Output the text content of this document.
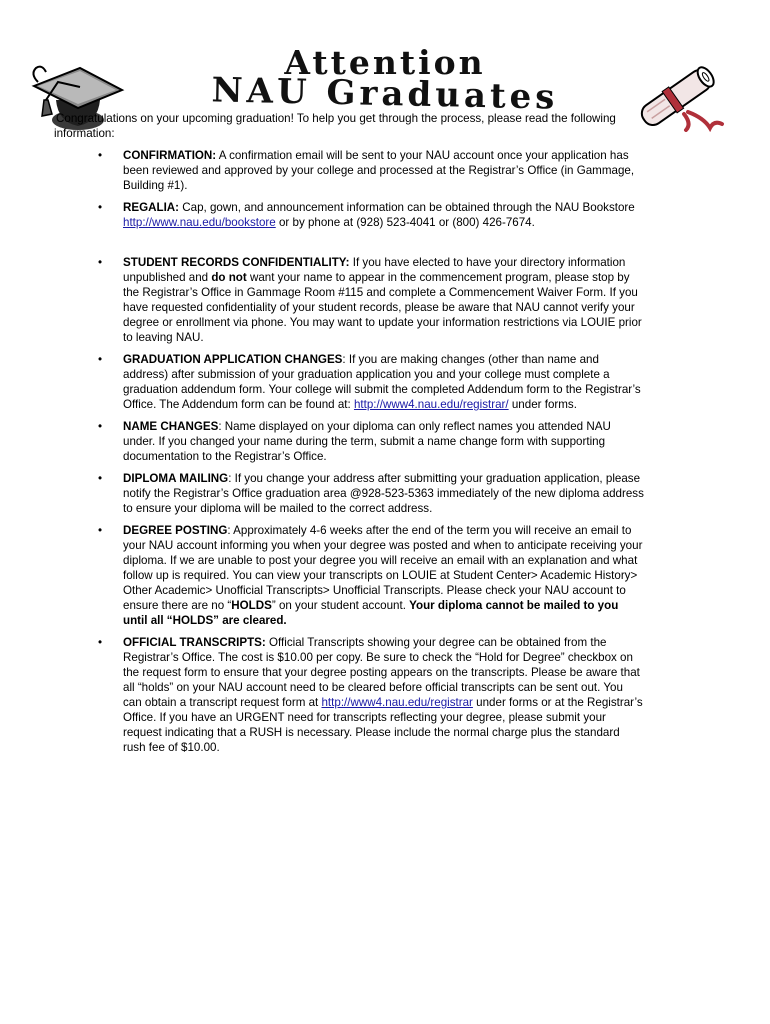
Attention
NAU Graduates
Congratulations on your upcoming graduation! To help you get through the process, please read the following
information:
• CONFIRMATION: A confirmation email will be sent to your NAU account once your application has been reviewed and approved by your college and processed at the Registrar’s Office (in Gammage, Building #1).
• REGALIA: Cap, gown, and announcement information can be obtained through the NAU Bookstore http://www.nau.edu/bookstore or by phone at (928) 523-4041 or (800) 426-7674.
• STUDENT RECORDS CONFIDENTIALITY: If you have elected to have your directory information unpublished and do not want your name to appear in the commencement program, please stop by the Registrar’s Office in Gammage Room #115 and complete a Commencement Waiver Form. If you have requested confidentiality of your student records, please be aware that NAU cannot verify your degree or enrollment via phone. You may want to update your information restrictions via LOUIE prior to leaving NAU.
• GRADUATION APPLICATION CHANGES: If you are making changes (other than name and address) after submission of your graduation application you and your college must complete a graduation addendum form. Your college will submit the completed Addendum form to the Registrar’s Office. The Addendum form can be found at: http://www4.nau.edu/registrar/ under forms.
• NAME CHANGES: Name displayed on your diploma can only reflect names you attended NAU under. If you changed your name during the term, submit a name change form with supporting documentation to the Registrar’s Office.
• DIPLOMA MAILING: If you change your address after submitting your graduation application, please notify the Registrar’s Office graduation area @928-523-5363 immediately of the new diploma address to ensure your diploma will be mailed to the correct address.
• DEGREE POSTING: Approximately 4-6 weeks after the end of the term you will receive an email to your NAU account informing you when your degree was posted and when to anticipate receiving your diploma. If we are unable to post your degree you will receive an email with an explanation and what follow up is required. You can view your transcripts on LOUIE at Student Center> Academic History> Other Academic> Unofficial Transcripts> Unofficial Transcripts. Please check your NAU account to ensure there are no “HOLDS” on your student account. Your diploma cannot be mailed to you until all “HOLDS” are cleared.
• OFFICIAL TRANSCRIPTS: Official Transcripts showing your degree can be obtained from the Registrar’s Office. The cost is $10.00 per copy. Be sure to check the “Hold for Degree” checkbox on the request form to ensure that your degree posting appears on the transcripts. Please be aware that all “holds” on your NAU account need to be cleared before official transcripts can be sent out. You can obtain a transcript request form at http://www4.nau.edu/registrar under forms or at the Registrar’s Office. If you have an URGENT need for transcripts reflecting your degree, please submit your request indicating that a RUSH is necessary. Please include the normal charge plus the standard rush fee of $10.00.
